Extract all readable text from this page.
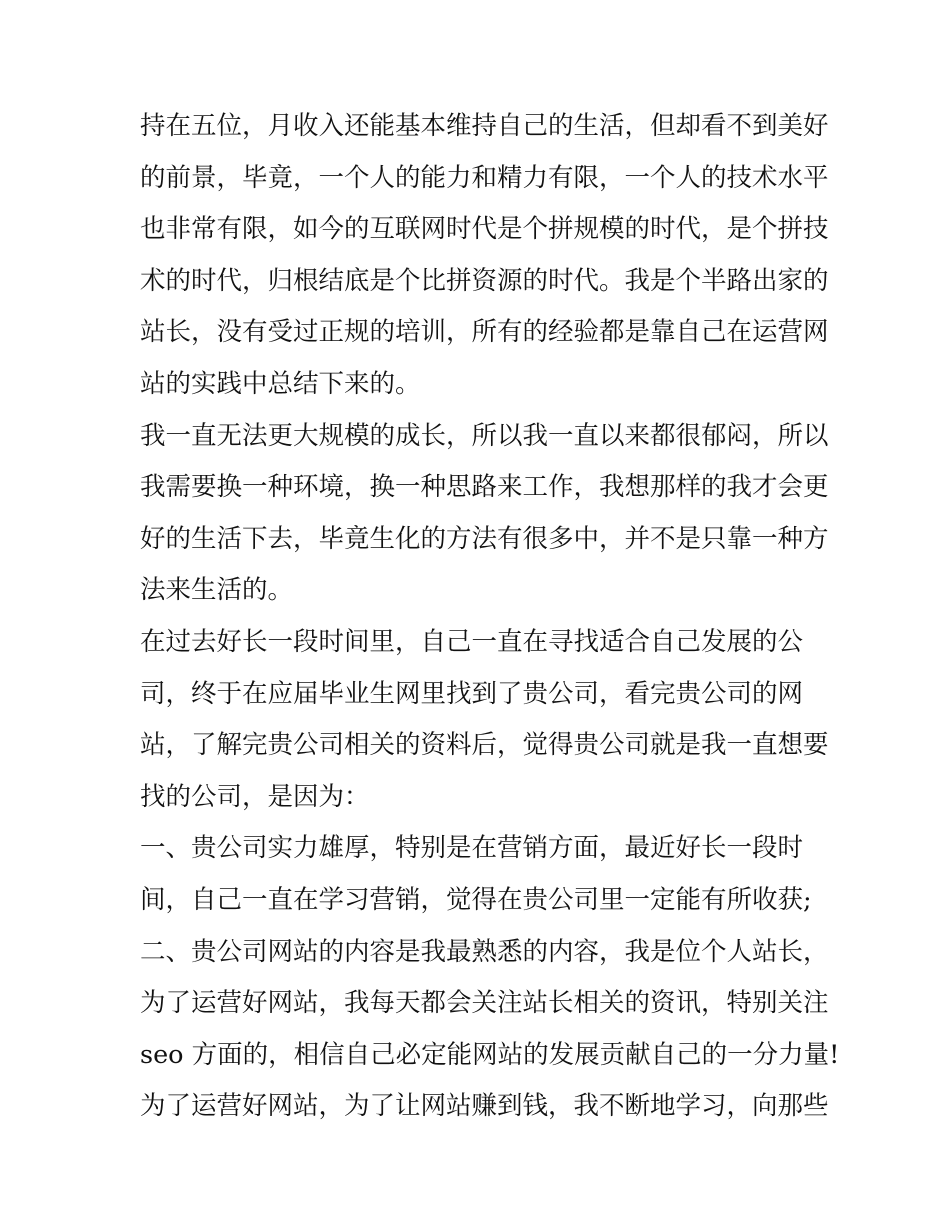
持在五位，月收入还能基本维持自己的生活，但却看不到美好
的前景，毕竟，一个人的能力和精力有限，一个人的技术水平
也非常有限，如今的互联网时代是个拼规模的时代，是个拼技
术的时代，归根结底是个比拼资源的时代。我是个半路出家的
站长，没有受过正规的培训，所有的经验都是靠自己在运营网
站的实践中总结下来的。
我一直无法更大规模的成长，所以我一直以来都很郁闷，所以
我需要换一种环境，换一种思路来工作，我想那样的我才会更
好的生活下去，毕竟生化的方法有很多中，并不是只靠一种方
法来生活的。
在过去好长一段时间里，自己一直在寻找适合自己发展的公
司，终于在应届毕业生网里找到了贵公司，看完贵公司的网
站，了解完贵公司相关的资料后，觉得贵公司就是我一直想要
找的公司，是因为：
一、贵公司实力雄厚，特别是在营销方面，最近好长一段时
间，自己一直在学习营销，觉得在贵公司里一定能有所收获;
二、贵公司网站的内容是我最熟悉的内容，我是位个人站长，
为了运营好网站，我每天都会关注站长相关的资讯，特别关注
seo 方面的，相信自己必定能网站的发展贡献自己的一分力量!
为了运营好网站，为了让网站赚到钱，我不断地学习，向那些
